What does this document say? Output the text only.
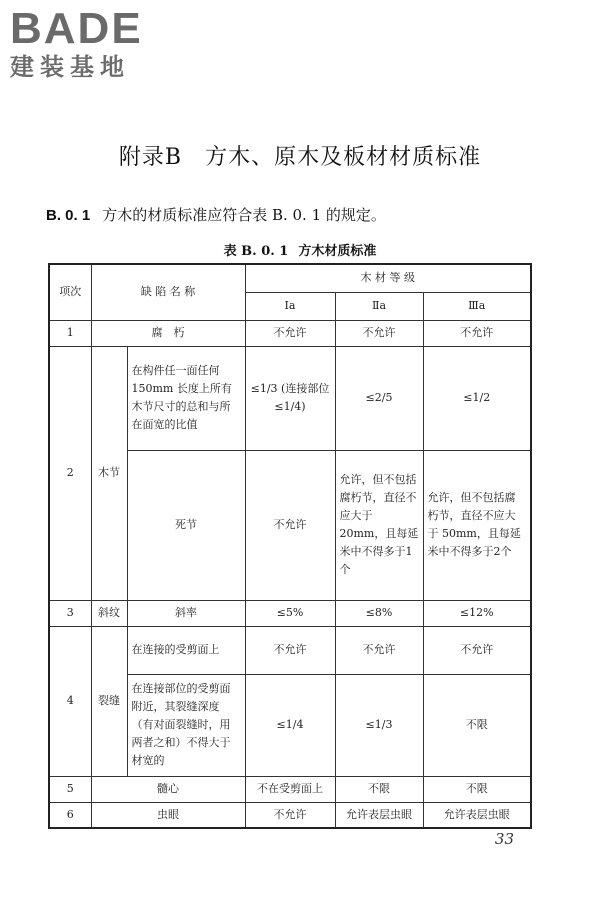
BADE
建装基地
附录B　方木、原木及板材材质标准
B. 0. 1 方木的材质标准应符合表 B. 0. 1 的规定。
表 B. 0. 1 方木材质标准
项次	缺 陷 名 称		木 材 等 级		
			Ⅰa	Ⅱa	Ⅲa
1	腐　朽		不允许	不允许	不允许
2	木节	在构件任一面任何 150mm 长度上所有木节尺寸的总和与所在面宽的比值	≤1/3 (连接部位 ≤1/4)	≤2/5	≤1/2
		死节	不允许	允许，但不包括腐朽节，直径不应大于 20mm，且每延米中不得多于1个	允许，但不包括腐朽节，直径不应大于 50mm，且每延米中不得多于2个
3	斜纹	斜率	≤5%	≤8%	≤12%
4	裂缝	在连接的受剪面上	不允许	不允许	不允许
		在连接部位的受剪面附近，其裂缝深度（有对面裂缝时，用两者之和）不得大于材宽的	≤1/4	≤1/3	不限
5	髓心		不在受剪面上	不限	不限
6	虫眼		不允许	允许表层虫眼	允许表层虫眼
33
